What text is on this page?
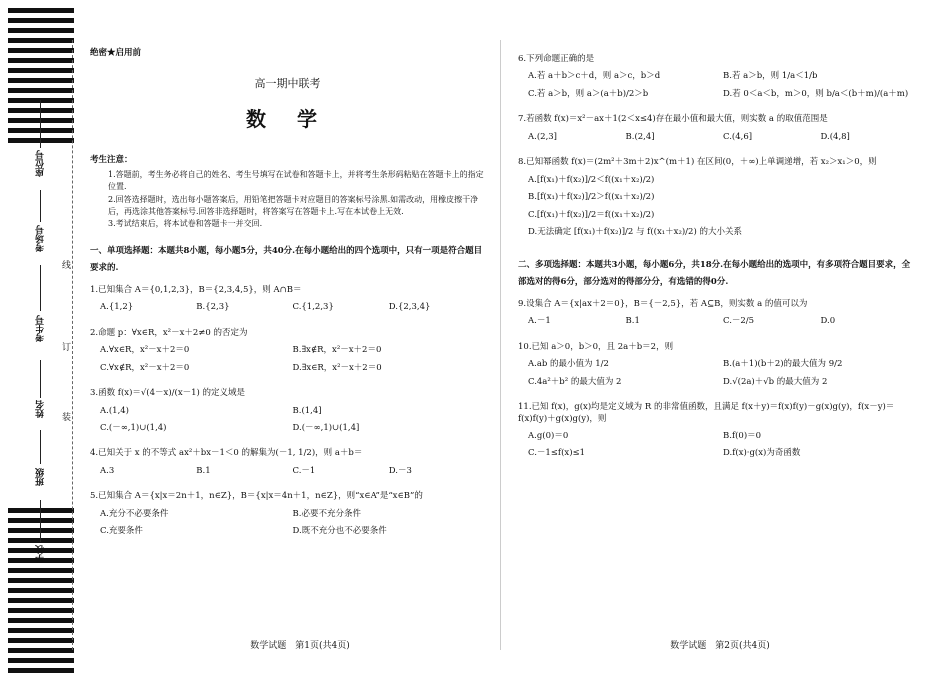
座位号
考场号
考生号
姓名
班级
学校
线
订
装
绝密★启用前
高一期中联考
数 学
考生注意：
1.答题前，考生务必将自己的姓名、考生号填写在试卷和答题卡上，并将考生条形码粘贴在答题卡上的指定位置.
2.回答选择题时，选出每小题答案后，用铅笔把答题卡对应题目的答案标号涂黑.如需改动，用橡皮擦干净后，再选涂其他答案标号.回答非选择题时，将答案写在答题卡上.写在本试卷上无效.
3.考试结束后，将本试卷和答题卡一并交回.
一、单项选择题：本题共8小题，每小题5分，共40分.在每小题给出的四个选项中，只有一项是符合题目要求的.
1.已知集合 A＝{0,1,2,3}，B＝{2,3,4,5}，则 A∩B＝
A.{1,2}	B.{2,3}	C.{1,2,3}	D.{2,3,4}
2.命题 p：∀x∈R，x²－x＋2≠0 的否定为
A.∀x∈R，x²－x＋2＝0	B.∃x∉R，x²－x＋2＝0
C.∀x∉R，x²－x＋2＝0	D.∃x∈R，x²－x＋2＝0
3.函数 f(x)＝√(4－x)/(x－1) 的定义域是
A.(1,4)	B.(1,4]
C.(－∞,1)∪(1,4)	D.(－∞,1)∪(1,4]
4.已知关于 x 的不等式 ax²＋bx－1＜0 的解集为(－1, 1/2)，则 a＋b＝
A.3	B.1	C.－1	D.－3
5.已知集合 A＝{x|x＝2n＋1，n∈Z}，B＝{x|x＝4n＋1，n∈Z}，则“x∈A”是“x∈B”的
A.充分不必要条件	B.必要不充分条件
C.充要条件	D.既不充分也不必要条件
6.下列命题正确的是
A.若 a＋b＞c＋d，则 a＞c，b＞d	B.若 a＞b，则 1/a＜1/b
C.若 a＞b，则 a＞(a＋b)/2＞b	D.若 0＜a＜b，m＞0，则 b/a＜(b＋m)/(a＋m)
7.若函数 f(x)＝x²－ax＋1(2＜x≤4)存在最小值和最大值，则实数 a 的取值范围是
A.(2,3]	B.(2,4]	C.(4,6]	D.(4,8]
8.已知幂函数 f(x)＝(2m²＋3m＋2)x^(m＋1) 在区间(0，＋∞)上单调递增，若 x₂＞x₁＞0，则
A.[f(x₁)＋f(x₂)]/2＜f((x₁＋x₂)/2)
B.[f(x₁)＋f(x₂)]/2＞f((x₁＋x₂)/2)
C.[f(x₁)＋f(x₂)]/2＝f((x₁＋x₂)/2)
D.无法确定 [f(x₁)＋f(x₂)]/2 与 f((x₁＋x₂)/2) 的大小关系
二、多项选择题：本题共3小题，每小题6分，共18分.在每小题给出的选项中，有多项符合题目要求，全部选对的得6分，部分选对的得部分分，有选错的得0分.
9.设集合 A＝{x|ax＋2＝0}，B＝{－2,5}，若 A⊆B，则实数 a 的值可以为
A.－1	B.1	C.－2/5	D.0
10.已知 a＞0，b＞0，且 2a＋b＝2，则
A.ab 的最小值为 1/2	B.(a＋1)(b＋2)的最大值为 9/2
C.4a²＋b² 的最大值为 2	D.√(2a)＋√b 的最大值为 2
11.已知 f(x)，g(x)均是定义域为 R 的非常值函数，且满足 f(x＋y)＝f(x)f(y)－g(x)g(y)，f(x－y)＝f(x)f(y)＋g(x)g(y)，则
A.g(0)＝0	B.f(0)＝0
C.－1≤f(x)≤1	D.f(x)·g(x)为奇函数
数学试题　第1页(共4页)	数学试题　第2页(共4页)
